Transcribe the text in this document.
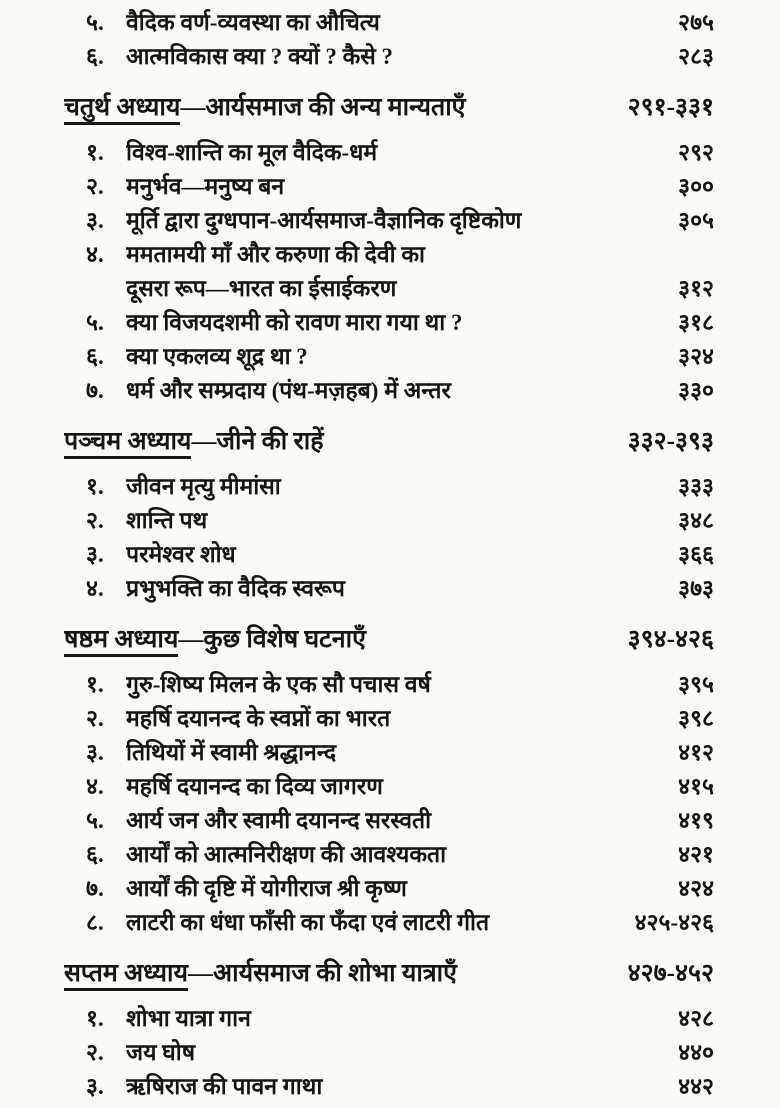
५. वैदिक वर्ण-व्यवस्था का औचित्य	२७५
६. आत्मविकास क्या ? क्यों ? कैसे ?	२८३
चतुर्थ अध्याय—आर्यसमाज की अन्य मान्यताएँ	२९१-३३१
१. विश्व-शान्ति का मूल वैदिक-धर्म	२९२
२. मनुर्भव—मनुष्य बन	३००
३. मूर्ति द्वारा दुग्धपान-आर्यसमाज-वैज्ञानिक दृष्टिकोण	३०५
४. ममतामयी माँ और करुणा की देवी का
दूसरा रूप—भारत का ईसाईकरण	३१२
५. क्या विजयदशमी को रावण मारा गया था ?	३१८
६. क्या एकलव्य शूद्र था ?	३२४
७. धर्म और सम्प्रदाय (पंथ-मज़हब) में अन्तर	३३०
पञ्चम अध्याय—जीने की राहें	३३२-३९३
१. जीवन मृत्यु मीमांसा	३३३
२. शान्ति पथ	३४८
३. परमेश्वर शोध	३६६
४. प्रभुभक्ति का वैदिक स्वरूप	३७३
षष्ठम अध्याय—कुछ विशेष घटनाएँ	३९४-४२६
१. गुरु-शिष्य मिलन के एक सौ पचास वर्ष	३९५
२. महर्षि दयानन्द के स्वप्नों का भारत	३९८
३. तिथियों में स्वामी श्रद्धानन्द	४१२
४. महर्षि दयानन्द का दिव्य जागरण	४१५
५. आर्य जन और स्वामी दयानन्द सरस्वती	४१९
६. आर्यों को आत्मनिरीक्षण की आवश्यकता	४२१
७. आर्यों की दृष्टि में योगीराज श्री कृष्ण	४२४
८. लाटरी का धंधा फाँसी का फँदा एवं लाटरी गीत	४२५-४२६
सप्तम अध्याय—आर्यसमाज की शोभा यात्राएँ	४२७-४५२
१. शोभा यात्रा गान	४२८
२. जय घोष	४४०
३. ऋषिराज की पावन गाथा	४४२
